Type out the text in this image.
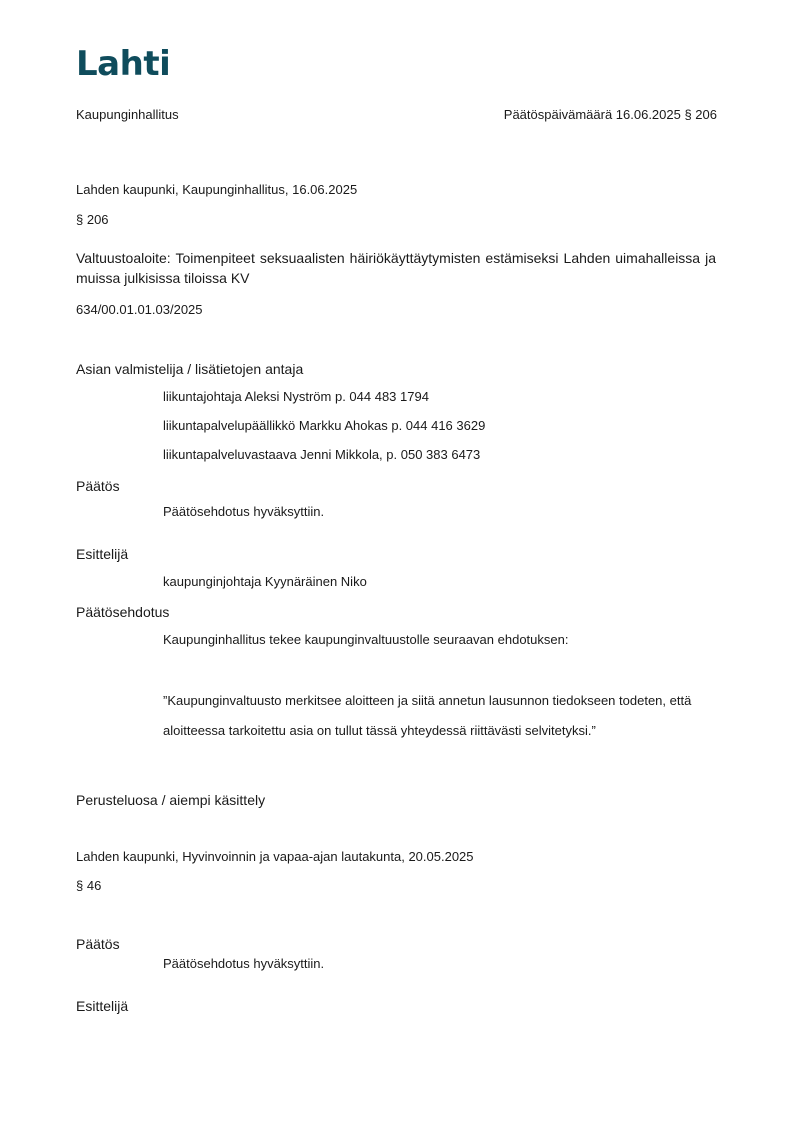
Lahti
Kaupunginhallitus	Päätöspäivämäärä 16.06.2025 § 206
Lahden kaupunki, Kaupunginhallitus, 16.06.2025
§ 206
Valtuustoaloite: Toimenpiteet seksuaalisten häiriökäyttäytymisten estämiseksi Lahden uimahalleissa ja muissa julkisissa tiloissa KV
634/00.01.01.03/2025
Asian valmistelija / lisätietojen antaja
liikuntajohtaja Aleksi Nyström p. 044 483 1794
liikuntapalvelupäällikkö Markku Ahokas p. 044 416 3629
liikuntapalveluvastaava Jenni Mikkola, p. 050 383 6473
Päätös
Päätösehdotus hyväksyttiin.
Esittelijä
kaupunginjohtaja Kyynäräinen Niko
Päätösehdotus
Kaupunginhallitus tekee kaupunginvaltuustolle seuraavan ehdotuksen:
”Kaupunginvaltuusto merkitsee aloitteen ja siitä annetun lausunnon tiedokseen todeten, että aloitteessa tarkoitettu asia on tullut tässä yhteydessä riittävästi selvitetyksi.”
Perusteluosa / aiempi käsittely
Lahden kaupunki, Hyvinvoinnin ja vapaa-ajan lautakunta, 20.05.2025
§ 46
Päätös
Päätösehdotus hyväksyttiin.
Esittelijä
